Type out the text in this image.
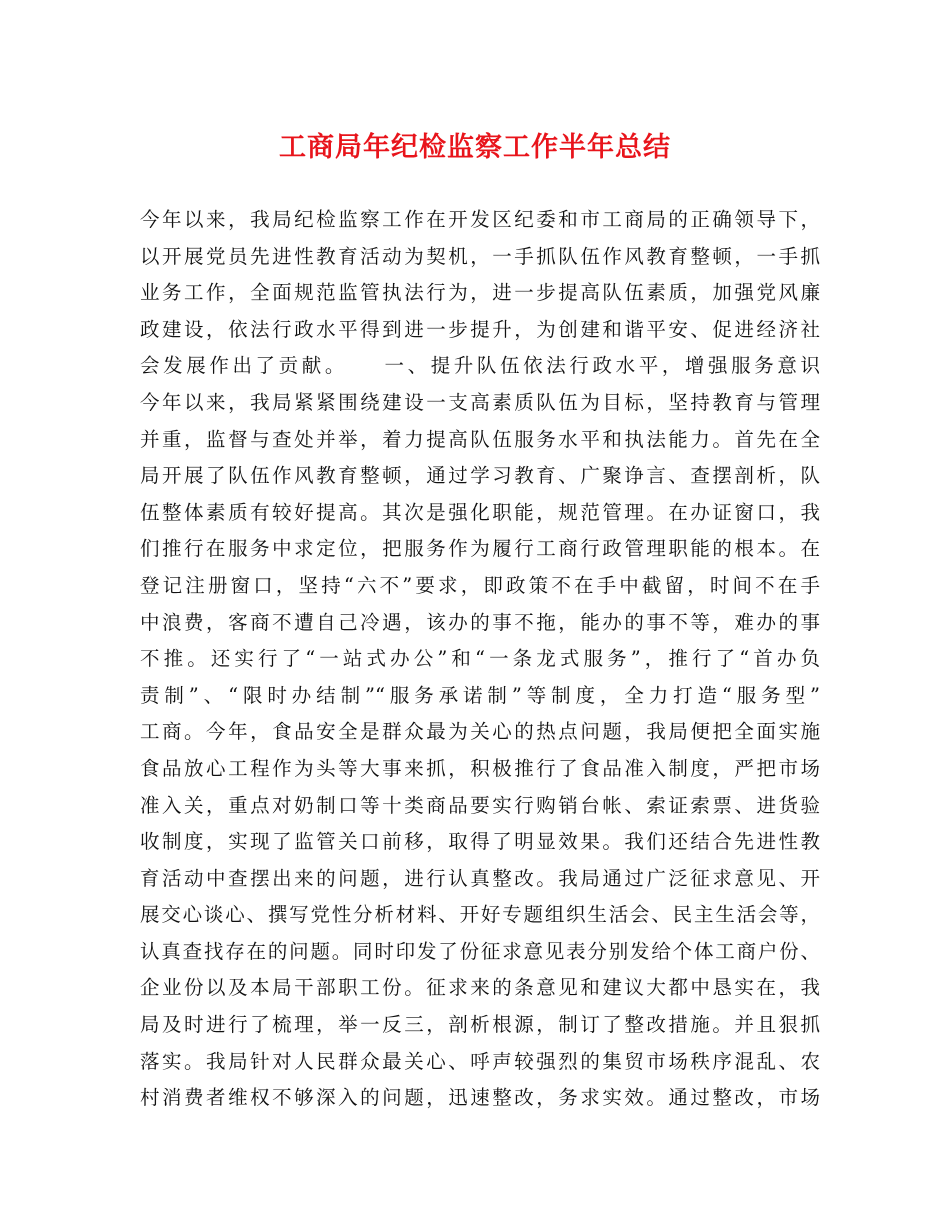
工商局年纪检监察工作半年总结
今年以来，我局纪检监察工作在开发区纪委和市工商局的正确领导下，
以开展党员先进性教育活动为契机，一手抓队伍作风教育整顿，一手抓
业务工作，全面规范监管执法行为，进一步提高队伍素质，加强党风廉
政建设，依法行政水平得到进一步提升，为创建和谐平安、促进经济社
会发展作出了贡献。　　一、提升队伍依法行政水平，增强服务意识
今年以来，我局紧紧围绕建设一支高素质队伍为目标，坚持教育与管理
并重，监督与查处并举，着力提高队伍服务水平和执法能力。首先在全
局开展了队伍作风教育整顿，通过学习教育、广聚诤言、查摆剖析，队
伍整体素质有较好提高。其次是强化职能，规范管理。在办证窗口，我
们推行在服务中求定位，把服务作为履行工商行政管理职能的根本。在
登记注册窗口，坚持“六不”要求，即政策不在手中截留，时间不在手
中浪费，客商不遭自己冷遇，该办的事不拖，能办的事不等，难办的事
不推。还实行了“一站式办公”和“一条龙式服务”，推行了“首办负
责制”、“限时办结制”“服务承诺制”等制度，全力打造“服务型”
工商。今年，食品安全是群众最为关心的热点问题，我局便把全面实施
食品放心工程作为头等大事来抓，积极推行了食品准入制度，严把市场
准入关，重点对奶制口等十类商品要实行购销台帐、索证索票、进货验
收制度，实现了监管关口前移，取得了明显效果。我们还结合先进性教
育活动中查摆出来的问题，进行认真整改。我局通过广泛征求意见、开
展交心谈心、撰写党性分析材料、开好专题组织生活会、民主生活会等，
认真查找存在的问题。同时印发了份征求意见表分别发给个体工商户份、
企业份以及本局干部职工份。征求来的条意见和建议大都中恳实在，我
局及时进行了梳理，举一反三，剖析根源，制订了整改措施。并且狠抓
落实。我局针对人民群众最关心、呼声较强烈的集贸市场秩序混乱、农
村消费者维权不够深入的问题，迅速整改，务求实效。通过整改，市场
